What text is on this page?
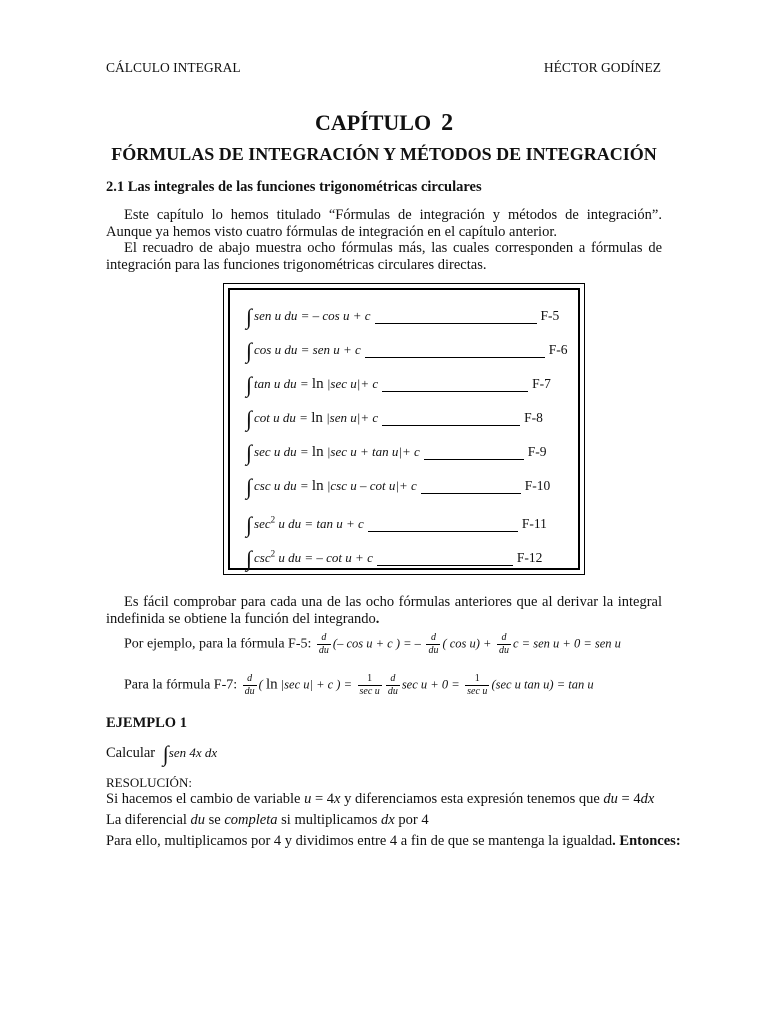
CÁLCULO INTEGRAL	HÉCTOR GODÍNEZ
CAPÍTULO 2
FÓRMULAS DE INTEGRACIÓN Y MÉTODOS DE INTEGRACIÓN
2.1 Las integrales de las funciones trigonométricas circulares
Este capítulo lo hemos titulado “Fórmulas de integración y métodos de integración”. Aunque ya hemos visto cuatro fórmulas de integración en el capítulo anterior.
El recuadro de abajo muestra ocho fórmulas más, las cuales corresponden a fórmulas de integración para las funciones trigonométricas circulares directas.
∫ sen u du = – cos u + c	F-5
∫ cos u du = sen u + c	F-6
∫ tan u du = ln |sec u|+ c	F-7
∫ cot u du = ln |sen u|+ c	F-8
∫ sec u du = ln |sec u + tan u|+ c	F-9
∫ csc u du = ln |csc u – cot u|+ c	F-10
∫ $\sec^2 u$ du = tan u + c	F-11
∫ $\csc^2 u$ du = – cot u + c	F-12
Es fácil comprobar para cada una de las ocho fórmulas anteriores que al derivar la integral indefinida se obtiene la función del integrando.
Por ejemplo, para la fórmula F-5: $\frac{d}{du}$ (– cos u + c ) = – $\frac{d}{du}$ ( $\cos u) + \frac{d}{du}$ c = sen u + 0 = sen u
Para la fórmula F-7: $\frac{d}{du}$ ( ln |sec u| + c ) = $\frac{1}{\text{sec u}} \frac{d}{du}$ $\sec u + 0 = \frac{1}{\text{sec u}} (\sec$ u tan u) = tan u
EJEMPLO 1
Calcular ∫sen 4x dx
RESOLUCIÓN:
Si hacemos el cambio de variable u = 4x y diferenciamos esta expresión tenemos que du = 4dx
La diferencial du se completa si multiplicamos dx por 4
Para ello, multiplicamos por 4 y dividimos entre 4 a fin de que se mantenga la igualdad. Entonces:
